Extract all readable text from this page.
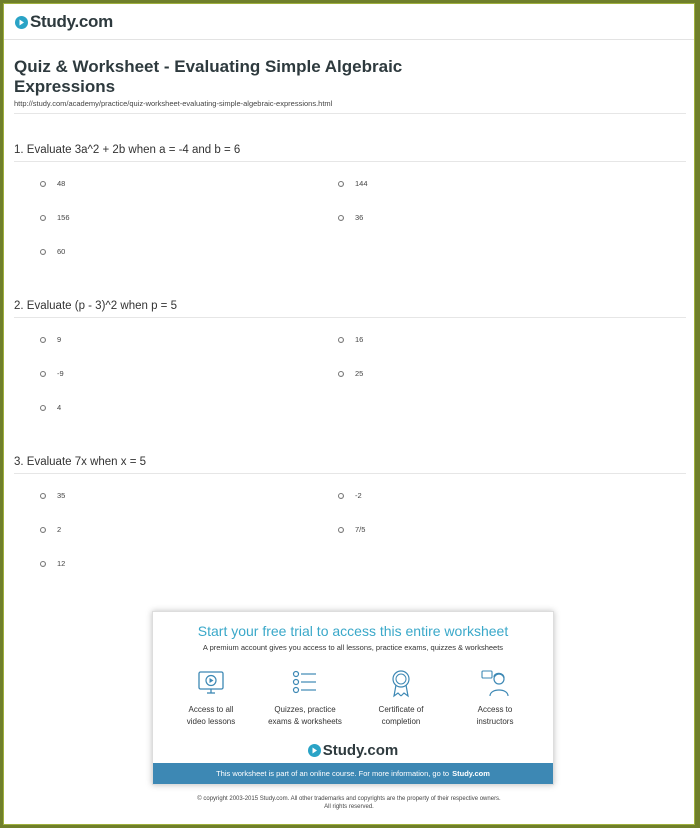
Study.com
Quiz & Worksheet - Evaluating Simple Algebraic Expressions
http://study.com/academy/practice/quiz-worksheet-evaluating-simple-algebraic-expressions.html
1. Evaluate 3a^2 + 2b when a = -4 and b = 6
48	144
156	36
60
2. Evaluate (p - 3)^2 when p = 5
9	16
-9	25
4
3. Evaluate 7x when x = 5
35	-2
2	7/5
12
Start your free trial to access this entire worksheet
A premium account gives you access to all lessons, practice exams, quizzes & worksheets
Access to all
video lessons
Quizzes, practice
exams & worksheets
Certificate of
completion
Access to
instructors
Study.com
This worksheet is part of an online course. For more information, go to Study.com
© copyright 2003-2015 Study.com. All other trademarks and copyrights are the property of their respective owners.
All rights reserved.
